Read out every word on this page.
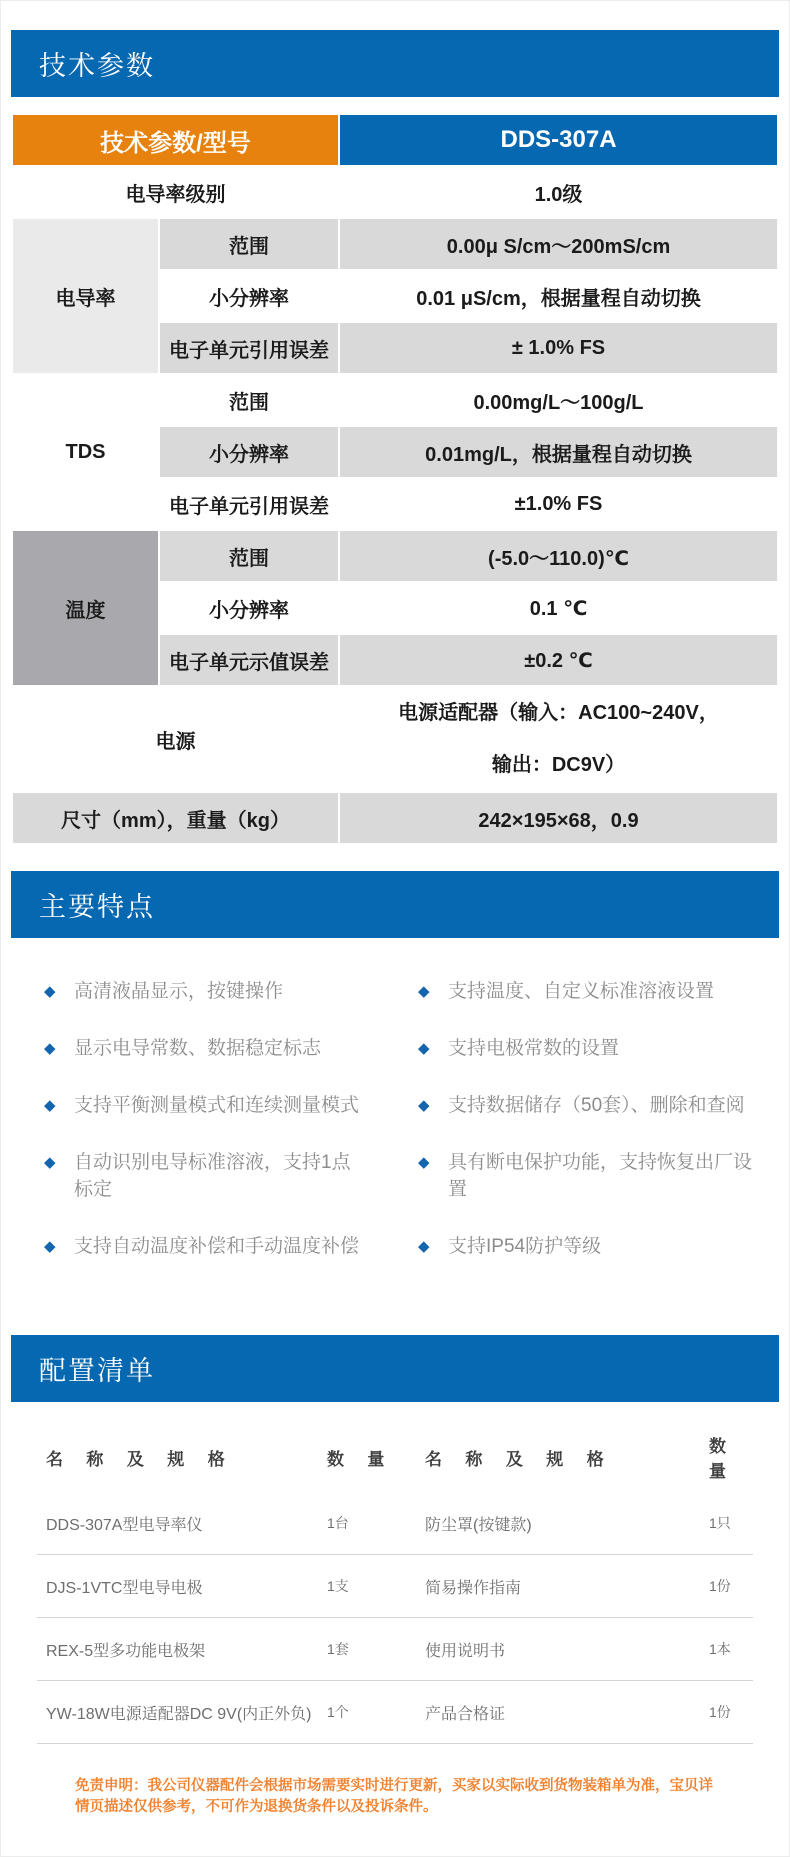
技术参数
技术参数/型号		DDS-307A
电导率级别		1.0级
电导率	范围	0.00μ S/cm～200mS/cm
	小分辨率	0.01 μS/cm，根据量程自动切换
	电子单元引用误差	± 1.0% FS
TDS	范围	0.00mg/L～100g/L
	小分辨率	0.01mg/L，根据量程自动切换
	电子单元引用误差	±1.0% FS
温度	范围	(-5.0～110.0)℃
	小分辨率	0.1 ℃
	电子单元示值误差	±0.2 ℃
电源		电源适配器（输入：AC100~240V，
输出：DC9V）

尺寸（mm），重量（kg）		242×195×68，0.9
主要特点
◆ 高清液晶显示，按键操作
◆ 显示电导常数、数据稳定标志
◆ 支持平衡测量模式和连续测量模式
◆ 自动识别电导标准溶液，支持1点标定
◆ 支持自动温度补偿和手动温度补偿
◆ 支持温度、自定义标准溶液设置
◆ 支持电极常数的设置
◆ 支持数据储存（50套）、删除和查阅
◆ 具有断电保护功能，支持恢复出厂设置
◆ 支持IP54防护等级
配置清单
名 称 及 规 格	数 量	名 称 及 规 格
数 量
DDS-307A型电导率仪	1台	防尘罩(按键款)	1只
DJS-1VTC型电导电极	1支	简易操作指南	1份
REX-5型多功能电极架	1套	使用说明书	1本
YW-18W电源适配器DC 9V(内正外负)	1个	产品合格证	1份
免责申明：我公司仪器配件会根据市场需要实时进行更新，买家以实际收到货物装箱单为准，宝贝详情页描述仅供参考，不可作为退换货条件以及投诉条件。
